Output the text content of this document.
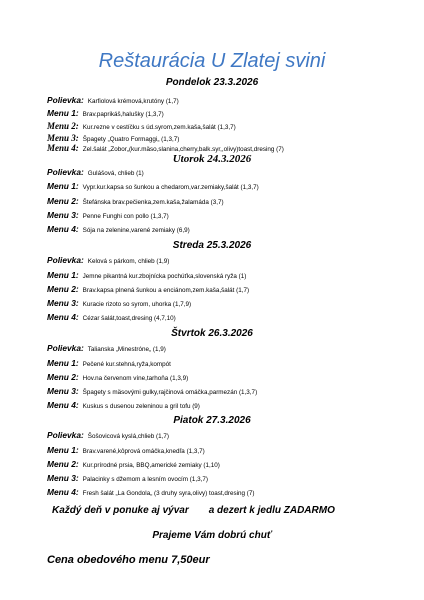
Reštaurácia U Zlatej svini
Pondelok 23.3.2026
Polievka: Karfiolová krémová,krutóny (1,7)
Menu 1: Brav.paprikáš,halušky (1,3,7)
Menu 2: Kur.rezne v cestíčku s úd.syrom,zem.kaša,šalát (1,3,7)
Menu 3: Špagety „Quatro Formaggi„ (1,3,7)
Menu 4: Zel.šalát „Zobor„(kur.mäso,slanina,cherry,balk.syr,,olivy)toast,dresing (7)
Utorok 24.3.2026
Polievka: Gulášová, chlieb (1)
Menu 1: Vypr.kur.kapsa so šunkou a chedarom,var.zemiaky,šalát (1,3,7)
Menu 2: Štefánska brav.pečienka,zem.kaša,žalamáda (3,7)
Menu 3: Penne Funghi con pollo (1,3,7)
Menu 4: Sója na zelenine,varené zemiaky (6,9)
Streda 25.3.2026
Polievka: Kelová s párkom, chlieb (1,9)
Menu 1: Jemne pikantná kur.zbojnícka pochúťka,slovenská ryža (1)
Menu 2: Brav.kapsa plnená šunkou a enciánom,zem.kaša,šalát (1,7)
Menu 3: Kuracie rizoto so syrom, uhorka (1,7,9)
Menu 4: Cézar šalát,toast,dresing (4,7,10)
Štvrtok 26.3.2026
Polievka: Talianska „Minestróne„ (1,9)
Menu 1: Pečené kur.stehná,ryža,kompót
Menu 2: Hov.na červenom víne,tarhoňa (1,3,9)
Menu 3: Špagety s mäsovými gulky,rajčinová omáčka,parmezán (1,3,7)
Menu 4: Kuskus s dusenou zeleninou a gril tofu (9)
Piatok 27.3.2026
Polievka: Šošovicová kyslá,chlieb (1,7)
Menu 1: Brav.varené,kôprová omáčka,knedľa (1,3,7)
Menu 2: Kur.prírodné prsia, BBQ,americké zemiaky (1,10)
Menu 3: Palacinky s džemom a lesním ovocím (1,3,7)
Menu 4: Fresh šalát „La Gondola„ (3 druhy syra,olivy) toast,dresing (7)
Každý deň v ponuke aj vývar a dezert k jedlu ZADARMO
Prajeme Vám dobrú chuť
Cena obedového menu 7,50eur
